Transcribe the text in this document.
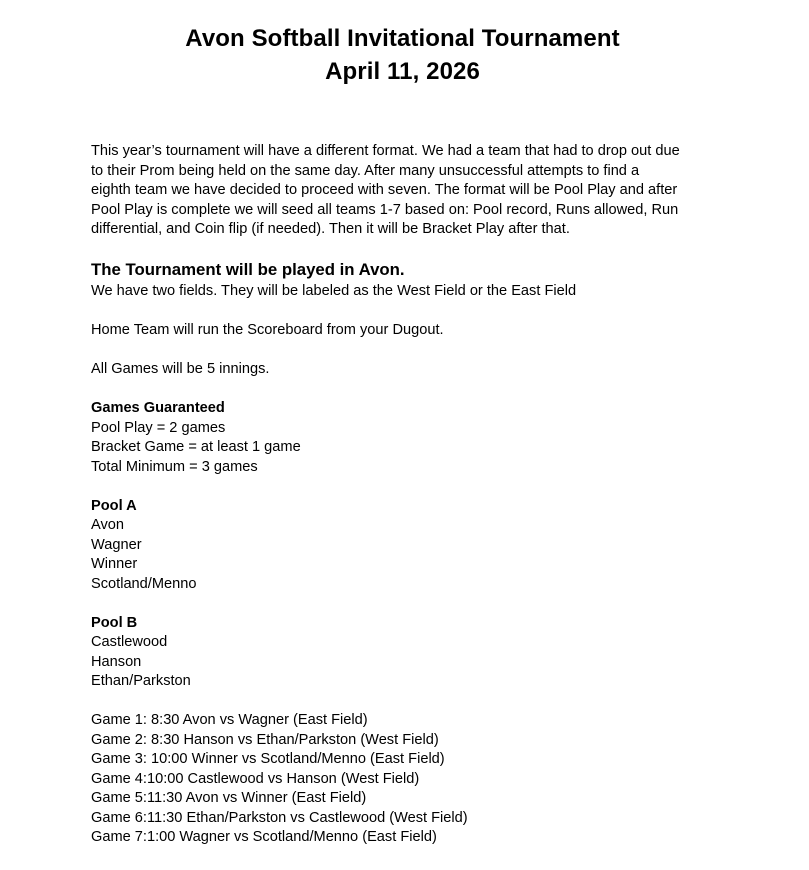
Avon Softball Invitational Tournament
April 11, 2026
This year’s tournament will have a different format. We had a team that had to drop out due
to their Prom being held on the same day. After many unsuccessful attempts to find a
eighth team we have decided to proceed with seven. The format will be Pool Play and after
Pool Play is complete we will seed all teams 1-7 based on: Pool record, Runs allowed, Run
differential, and Coin flip (if needed). Then it will be Bracket Play after that.
The Tournament will be played in Avon.
We have two fields. They will be labeled as the West Field or the East Field
Home Team will run the Scoreboard from your Dugout.
All Games will be 5 innings.
Games Guaranteed
Pool Play = 2 games
Bracket Game = at least 1 game
Total Minimum = 3 games
Pool A
Avon
Wagner
Winner
Scotland/Menno
Pool B
Castlewood
Hanson
Ethan/Parkston
Game 1: 8:30 Avon vs Wagner (East Field)
Game 2: 8:30 Hanson vs Ethan/Parkston (West Field)
Game 3: 10:00 Winner vs Scotland/Menno (East Field)
Game 4:10:00 Castlewood vs Hanson (West Field)
Game 5:11:30 Avon vs Winner (East Field)
Game 6:11:30 Ethan/Parkston vs Castlewood (West Field)
Game 7:1:00 Wagner vs Scotland/Menno (East Field)
